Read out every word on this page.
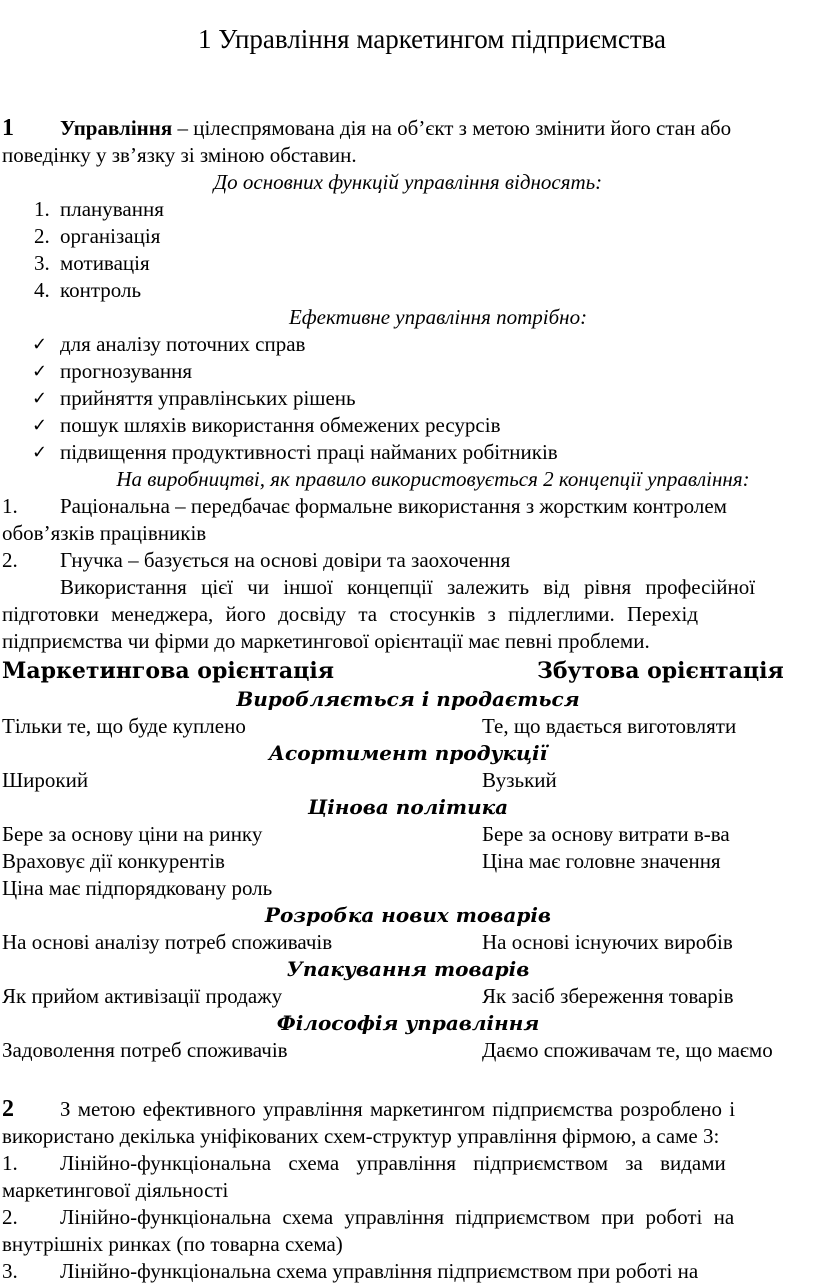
1 Управління маркетингом підприємства
1 Управління – цілеспрямована дія на об’єкт з метою змінити його стан або
поведінку у зв’язку зі зміною обставин.
До основних функцій управління відносять:
1. планування
2. організація
3. мотивація
4. контроль
Ефективне управління потрібно:
✓ для аналізу поточних справ
✓ прогнозування
✓ прийняття управлінських рішень
✓ пошук шляхів використання обмежених ресурсів
✓ підвищення продуктивності праці найманих робітників
На виробництві, як правило використовується 2 концепції управління:
1. Раціональна – передбачає формальне використання з жорстким контролем
обов’язків працівників
2. Гнучка – базується на основі довіри та заохочення
Використання цієї чи іншої концепції залежить від рівня професійної
підготовки менеджера, його досвіду та стосунків з підлеглими. Перехід
підприємства чи фірми до маркетингової орієнтації має певні проблеми.
Маркетингова орієнтація	Збутова орієнтація
Виробляється і продається
Тільки те, що буде куплено	Те, що вдається виготовляти
Асортимент продукції
Широкий	Вузький
Цінова політика
Бере за основу ціни на ринку	Бере за основу витрати в-ва
Враховує дії конкурентів	Ціна має головне значення
Ціна має підпорядковану роль
Розробка нових товарів
На основі аналізу потреб споживачів	На основі існуючих виробів
Упакування товарів
Як прийом активізації продажу	Як засіб збереження товарів
Філософія управління
Задоволення потреб споживачів	Даємо споживачам те, що маємо
2 З метою ефективного управління маркетингом підприємства розроблено і
використано декілька уніфікованих схем-структур управління фірмою, а саме 3:
1. Лінійно-функціональна схема управління підприємством за видами
маркетингової діяльності
2. Лінійно-функціональна схема управління підприємством при роботі на
внутрішніх ринках (по товарна схема)
3. Лінійно-функціональна схема управління підприємством при роботі на
